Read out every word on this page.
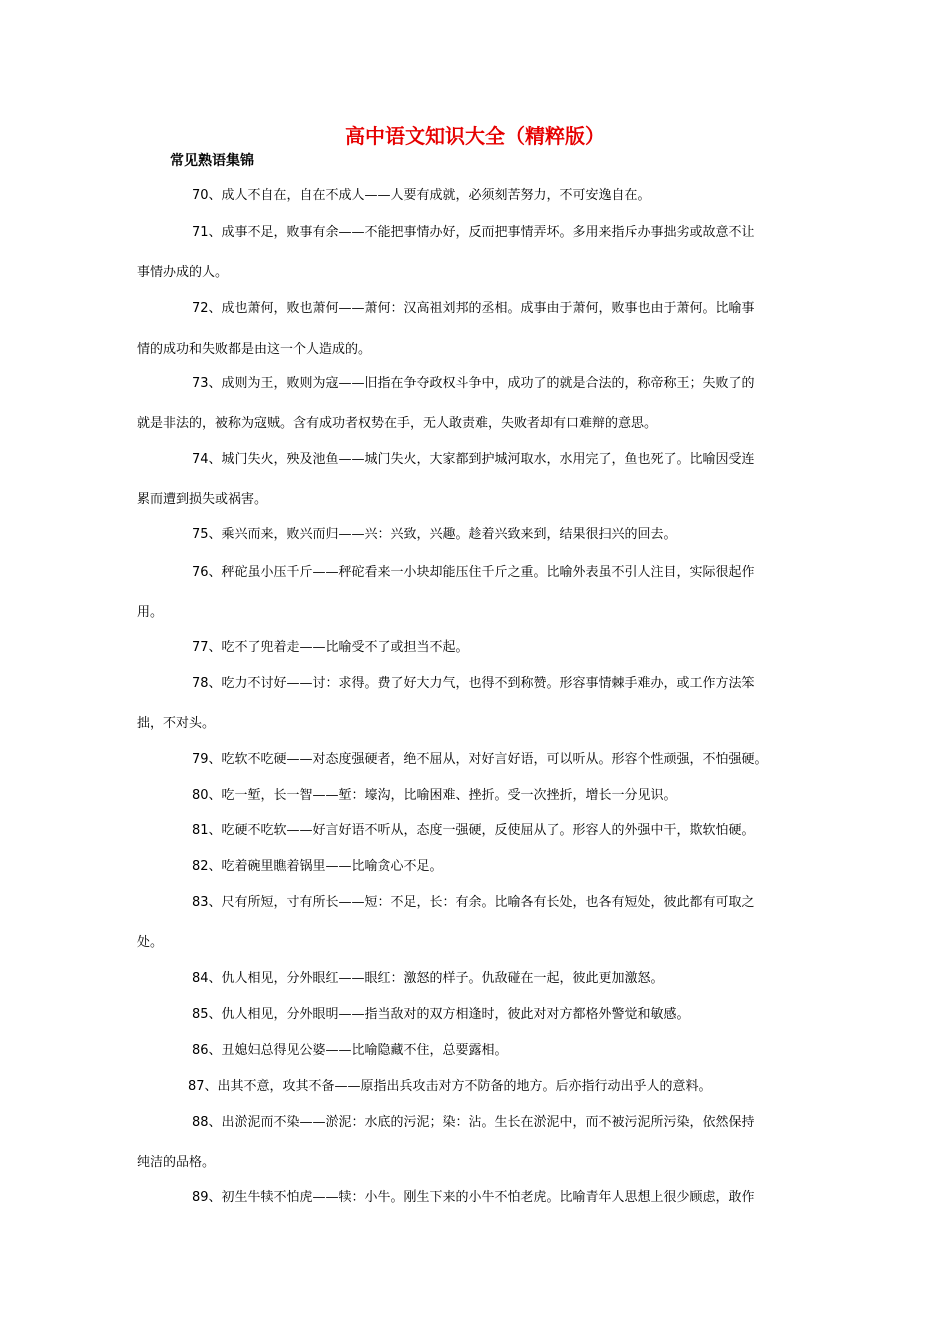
高中语文知识大全（精粹版）
常见熟语集锦
70、成人不自在，自在不成人——人要有成就，必须刻苦努力，不可安逸自在。
71、成事不足，败事有余——不能把事情办好，反而把事情弄坏。多用来指斥办事拙劣或故意不让
事情办成的人。
72、成也萧何，败也萧何——萧何：汉高祖刘邦的丞相。成事由于萧何，败事也由于萧何。比喻事
情的成功和失败都是由这一个人造成的。
73、成则为王，败则为寇——旧指在争夺政权斗争中，成功了的就是合法的，称帝称王；失败了的
就是非法的，被称为寇贼。含有成功者权势在手，无人敢责难，失败者却有口难辩的意思。
74、城门失火，殃及池鱼——城门失火，大家都到护城河取水，水用完了，鱼也死了。比喻因受连
累而遭到损失或祸害。
75、乘兴而来，败兴而归——兴：兴致，兴趣。趁着兴致来到，结果很扫兴的回去。
76、秤砣虽小压千斤——秤砣看来一小块却能压住千斤之重。比喻外表虽不引人注目，实际很起作
用。
77、吃不了兜着走——比喻受不了或担当不起。
78、吃力不讨好——讨：求得。费了好大力气，也得不到称赞。形容事情棘手难办，或工作方法笨
拙，不对头。
79、吃软不吃硬——对态度强硬者，绝不屈从，对好言好语，可以听从。形容个性顽强，不怕强硬。
80、吃一堑，长一智——堑：壕沟，比喻困难、挫折。受一次挫折，增长一分见识。
81、吃硬不吃软——好言好语不听从，态度一强硬，反使屈从了。形容人的外强中干，欺软怕硬。
82、吃着碗里瞧着锅里——比喻贪心不足。
83、尺有所短，寸有所长——短：不足，长：有余。比喻各有长处，也各有短处，彼此都有可取之
处。
84、仇人相见，分外眼红——眼红：激怒的样子。仇敌碰在一起，彼此更加激怒。
85、仇人相见，分外眼明——指当敌对的双方相逢时，彼此对对方都格外警觉和敏感。
86、丑媳妇总得见公婆——比喻隐藏不住，总要露相。
87、出其不意，攻其不备——原指出兵攻击对方不防备的地方。后亦指行动出乎人的意料。
88、出淤泥而不染——淤泥：水底的污泥；染：沾。生长在淤泥中，而不被污泥所污染，依然保持
纯洁的品格。
89、初生牛犊不怕虎——犊：小牛。刚生下来的小牛不怕老虎。比喻青年人思想上很少顾虑，敢作
